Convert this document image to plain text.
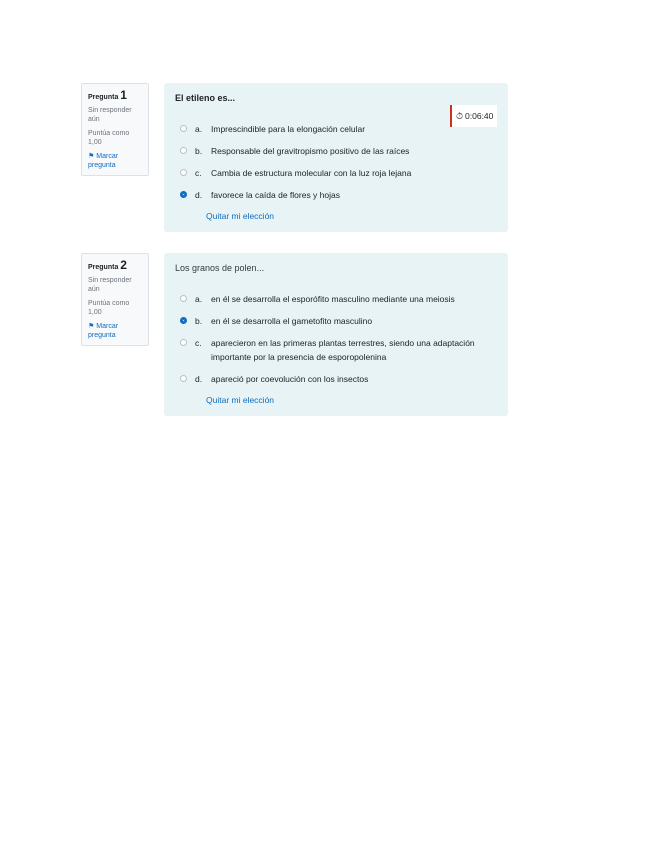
Pregunta 1
Sin responder aún
Puntúa como 1,00
⚑ Marcar pregunta
El etileno es...
a.	Imprescindible para la elongación celular
b.	Responsable del gravitropismo positivo de las raíces
c.	Cambia de estructura molecular con la luz roja lejana
d.	favorece la caída de flores y hojas
Quitar mi elección
⏱ 0:06:40
Pregunta 2
Sin responder aún
Puntúa como 1,00
⚑ Marcar pregunta
Los granos de polen...
a.	en él se desarrolla el esporófito masculino mediante una meiosis
b.	en él se desarrolla el gametofito masculino
c.	aparecieron en las primeras plantas terrestres, siendo una adaptación importante por la presencia de esporopolenina
d.	apareció por coevolución con los insectos
Quitar mi elección
